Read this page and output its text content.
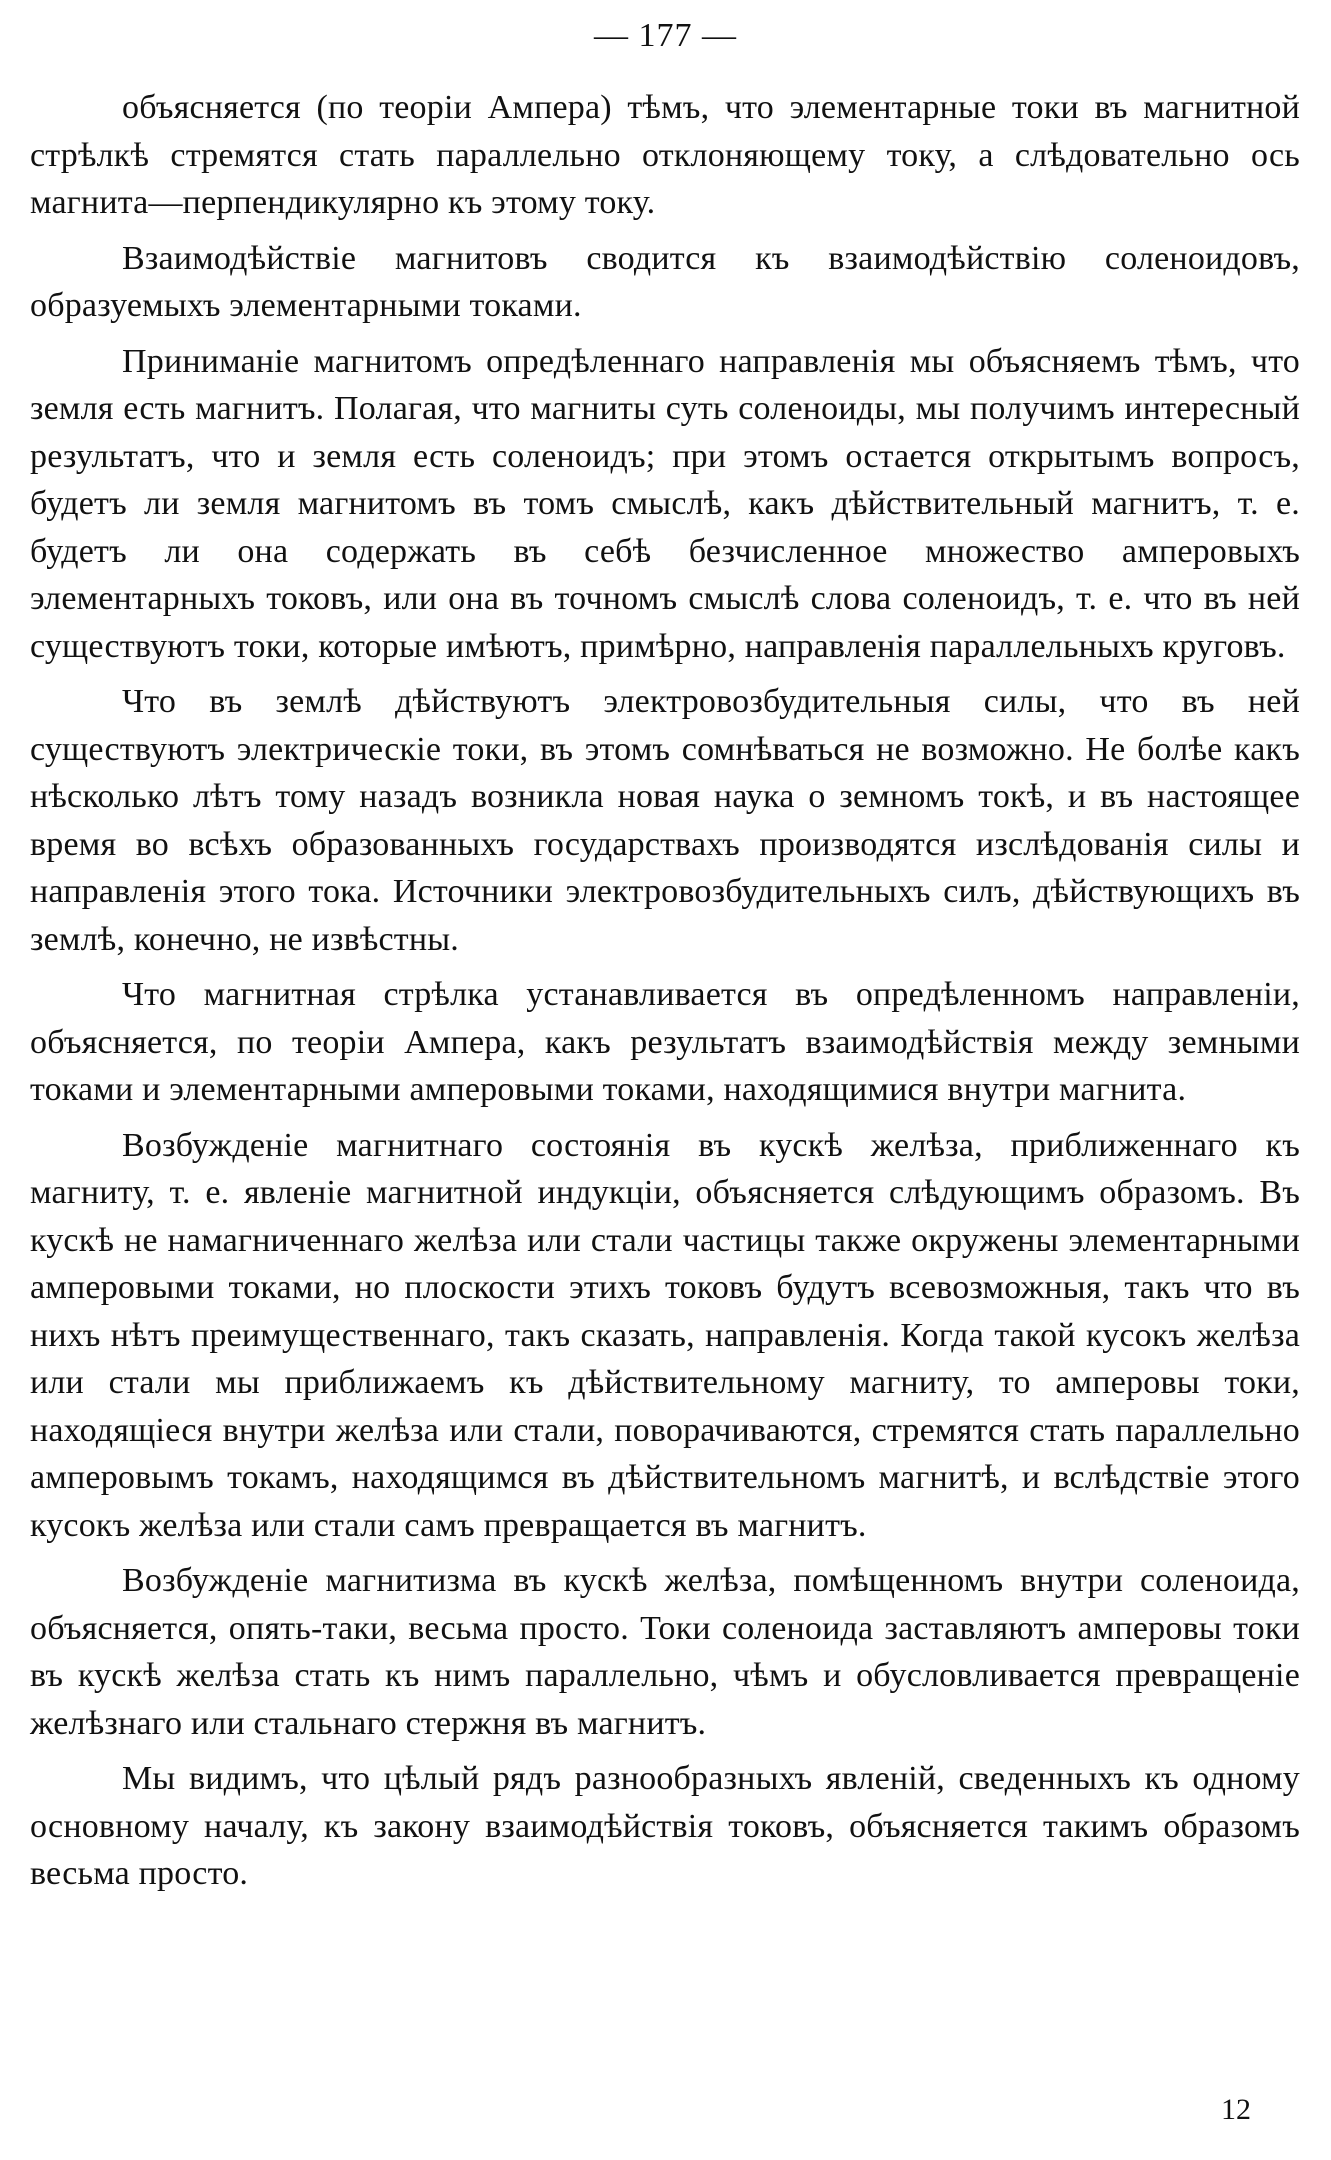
— 177 —

объясняется (по теоріи Ампера) тѣмъ, что элементарные токи въ магнитной стрѣлкѣ стремятся стать параллельно отклоняющему току, а слѣдовательно ось магнита—перпендикулярно къ этому току.

Взаимодѣйствіе магнитовъ сводится къ взаимодѣйствію соленоидовъ, образуемыхъ элементарными токами.

Приниманіе магнитомъ опредѣленнаго направленія мы объясняемъ тѣмъ, что земля есть магнитъ. Полагая, что магниты суть соленоиды, мы получимъ интересный результатъ, что и земля есть соленоидъ; при этомъ остается открытымъ вопросъ, будетъ ли земля магнитомъ въ томъ смыслѣ, какъ дѣйствительный магнитъ, т. е. будетъ ли она содержать въ себѣ безчисленное множество амперовыхъ элементарныхъ токовъ, или она въ точномъ смыслѣ слова соленоидъ, т. е. что въ ней существуютъ токи, которые имѣютъ, примѣрно, направленія параллельныхъ круговъ.

Что въ землѣ дѣйствуютъ электровозбудительныя силы, что въ ней существуютъ электрическіе токи, въ этомъ сомнѣваться не возможно. Не болѣе какъ нѣсколько лѣтъ тому назадъ возникла новая наука о земномъ токѣ, и въ настоящее время во всѣхъ образованныхъ государствахъ производятся изслѣдованія силы и направленія этого тока. Источники электровозбудительныхъ силъ, дѣйствующихъ въ землѣ, конечно, не извѣстны.

Что магнитная стрѣлка устанавливается въ опредѣленномъ направленіи, объясняется, по теоріи Ампера, какъ результатъ взаимодѣйствія между земными токами и элементарными амперовыми токами, находящимися внутри магнита.

Возбужденіе магнитнаго состоянія въ кускѣ желѣза, приближеннаго къ магниту, т. е. явленіе магнитной индукціи, объясняется слѣдующимъ образомъ. Въ кускѣ не намагниченнаго желѣза или стали частицы также окружены элементарными амперовыми токами, но плоскости этихъ токовъ будутъ всевозможныя, такъ что въ нихъ нѣтъ преимущественнаго, такъ сказать, направленія. Когда такой кусокъ желѣза или стали мы приближаемъ къ дѣйствительному магниту, то амперовы токи, находящіеся внутри желѣза или стали, поворачиваются, стремятся стать параллельно амперовымъ токамъ, находящимся въ дѣйствительномъ магнитѣ, и вслѣдствіе этого кусокъ желѣза или стали самъ превращается въ магнитъ.

Возбужденіе магнитизма въ кускѣ желѣза, помѣщенномъ внутри соленоида, объясняется, опять-таки, весьма просто. Токи соленоида заставляютъ амперовы токи въ кускѣ желѣза стать къ нимъ параллельно, чѣмъ и обусловливается превращеніе желѣзнаго или стальнаго стержня въ магнитъ.

Мы видимъ, что цѣлый рядъ разнообразныхъ явленій, сведенныхъ къ одному основному началу, къ закону взаимодѣйствія токовъ, объясняется такимъ образомъ весьма просто.

12
